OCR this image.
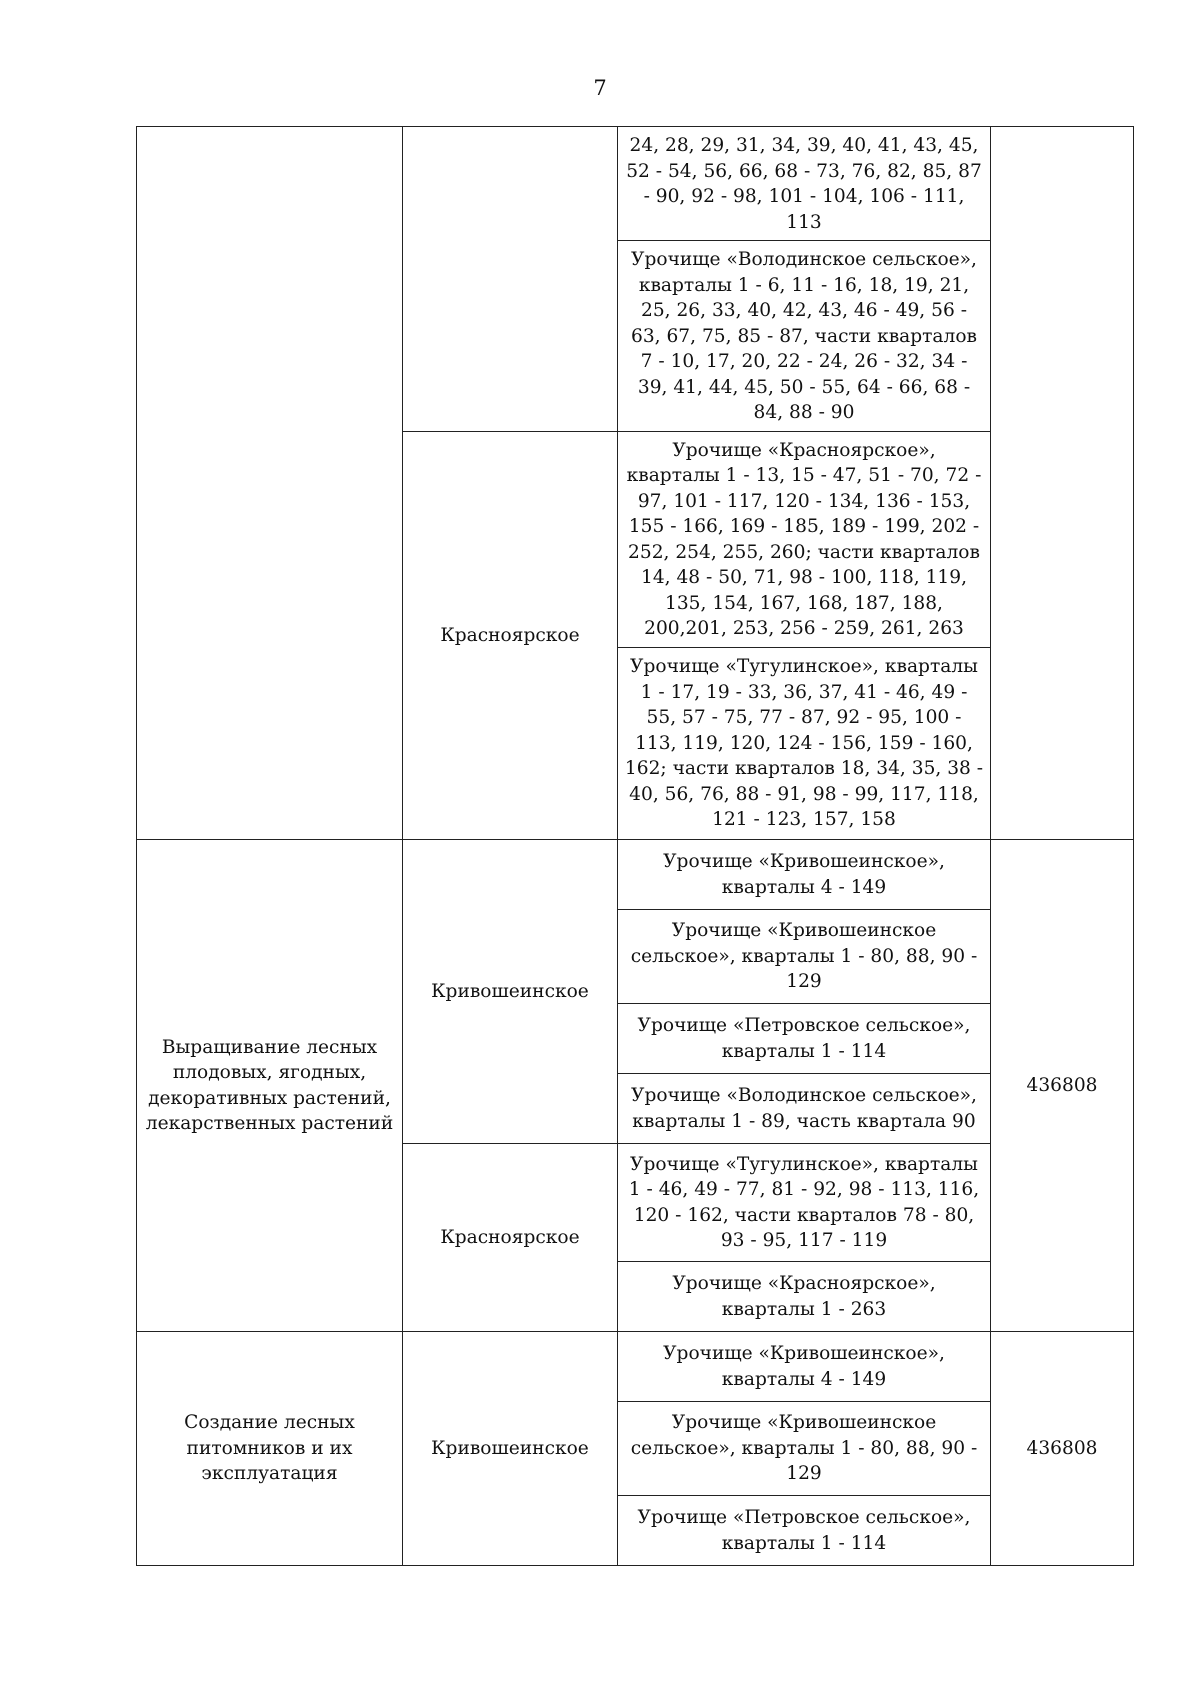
7
		24, 28, 29, 31, 34, 39, 40, 41, 43, 45, 52 - 54, 56, 66, 68 - 73, 76, 82, 85, 87 - 90, 92 - 98, 101 - 104, 106 - 111, 113	
		Урочище «Володинское сельское», кварталы 1 - 6, 11 - 16, 18, 19, 21, 25, 26, 33, 40, 42, 43, 46 - 49, 56 - 63, 67, 75, 85 - 87, части кварталов 7 - 10, 17, 20, 22 - 24, 26 - 32, 34 - 39, 41, 44, 45, 50 - 55, 64 - 66, 68 - 84, 88 - 90	
	Красноярское	Урочище «Красноярское», кварталы 1 - 13, 15 - 47, 51 - 70, 72 - 97, 101 - 117, 120 - 134, 136 - 153, 155 - 166, 169 - 185, 189 - 199, 202 - 252, 254, 255, 260; части кварталов 14, 48 - 50, 71, 98 - 100, 118, 119, 135, 154, 167, 168, 187, 188, 200,201, 253, 256 - 259, 261, 263	
		Урочище «Тугулинское», кварталы 1 - 17, 19 - 33, 36, 37, 41 - 46, 49 - 55, 57 - 75, 77 - 87, 92 - 95, 100 - 113, 119, 120, 124 - 156, 159 - 160, 162; части кварталов 18, 34, 35, 38 - 40, 56, 76, 88 - 91, 98 - 99, 117, 118, 121 - 123, 157, 158	
Выращивание лесных плодовых, ягодных, декоративных растений, лекарственных растений	Кривошеинское	Урочище «Кривошеинское», кварталы 4 - 149	436808
		Урочище «Кривошеинское сельское», кварталы 1 - 80, 88, 90 - 129	
		Урочище «Петровское сельское», кварталы 1 - 114	
		Урочище «Володинское сельское», кварталы 1 - 89, часть квартала 90	
	Красноярское	Урочище «Тугулинское», кварталы 1 - 46, 49 - 77, 81 - 92, 98 - 113, 116, 120 - 162, части кварталов 78 - 80, 93 - 95, 117 - 119	
		Урочище «Красноярское», кварталы 1 - 263	
Создание лесных питомников и их эксплуатация	Кривошеинское	Урочище «Кривошеинское», кварталы 4 - 149	436808
		Урочище «Кривошеинское сельское», кварталы 1 - 80, 88, 90 - 129	
		Урочище «Петровское сельское», кварталы 1 - 114	
